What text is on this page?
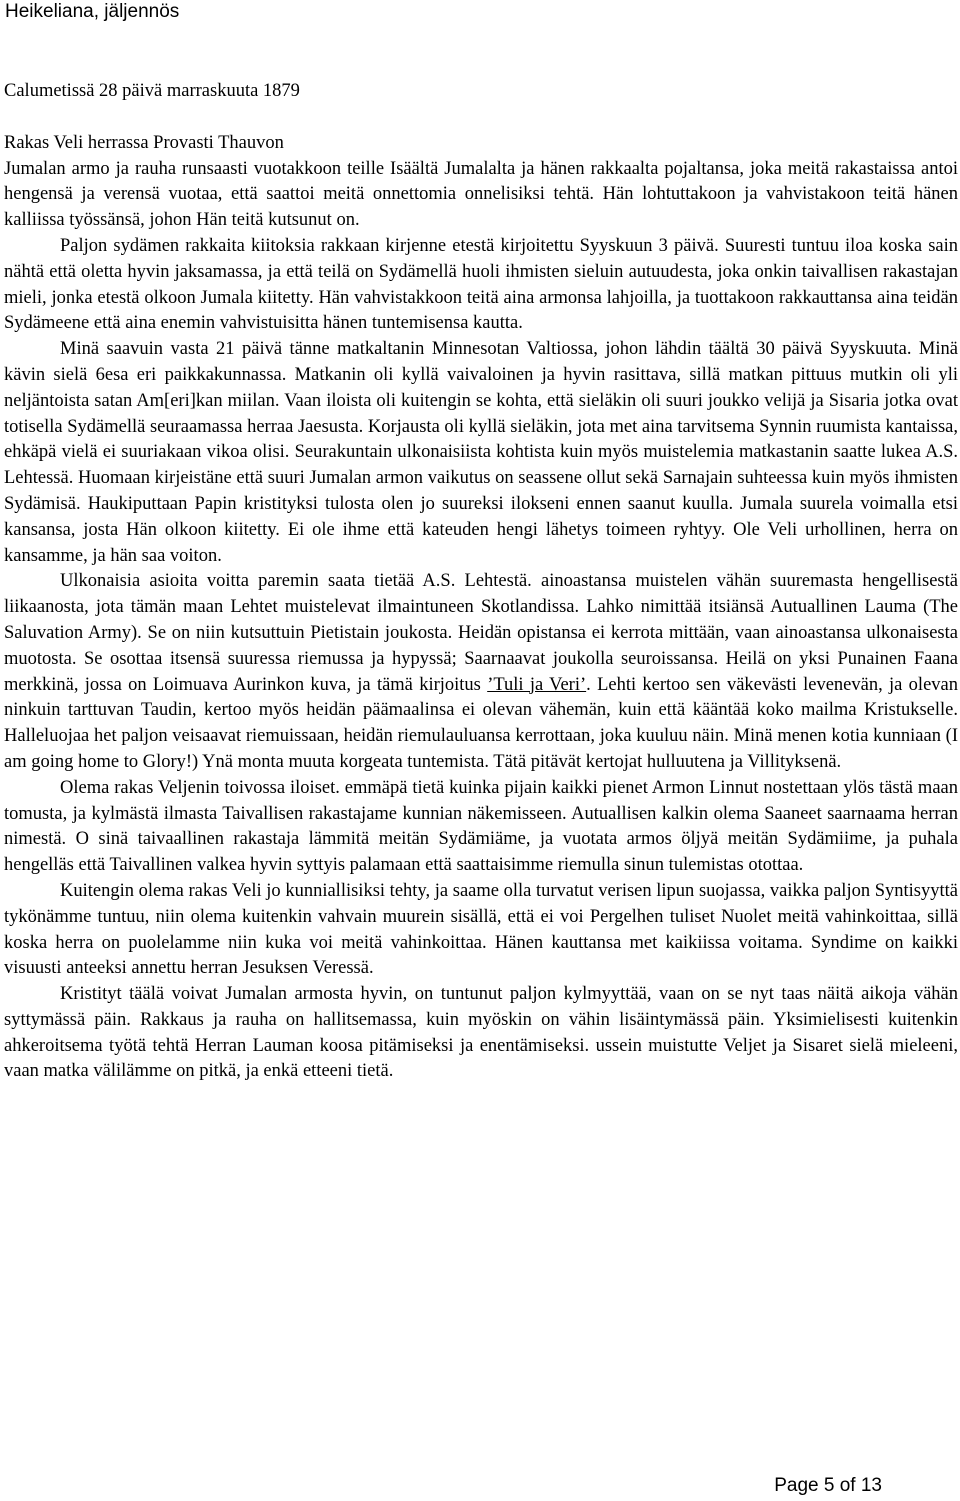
Heikeliana, jäljennös

Calumetissä 28 päivä marraskuuta 1879

Rakas Veli herrassa Provasti Thauvon

Jumalan armo ja rauha runsaasti vuotakkoon teille Isäältä Jumalalta ja hänen rakkaalta pojaltansa, joka meitä rakastaissa antoi hengensä ja verensä vuotaa, että saattoi meitä onnettomia onnelisiksi tehtä. Hän lohtuttakoon ja vahvistakoon teitä hänen kalliissa työssänsä, johon Hän teitä kutsunut on.

Paljon sydämen rakkaita kiitoksia rakkaan kirjenne etestä kirjoitettu Syyskuun 3 päivä. Suuresti tuntuu iloa koska sain nähtä että oletta hyvin jaksamassa, ja että teilä on Sydämellä huoli ihmisten sieluin autuudesta, joka onkin taivallisen rakastajan mieli, jonka etestä olkoon Jumala kiitetty. Hän vahvistakkoon teitä aina armonsa lahjoilla, ja tuottakoon rakkauttansa aina teidän Sydämeene että aina enemin vahvistuisitta hänen tuntemisensa kautta.

Minä saavuin vasta 21 päivä tänne matkaltanin Minnesotan Valtiossa, johon lähdin täältä 30 päivä Syyskuuta. Minä kävin sielä 6esa eri paikkakunnassa. Matkanin oli kyllä vaivaloinen ja hyvin rasittava, sillä matkan pittuus mutkin oli yli neljäntoista satan Am[eri]kan miilan. Vaan iloista oli kuitengin se kohta, että sieläkin oli suuri joukko velijä ja Sisaria jotka ovat totisella Sydämellä seuraamassa herraa Jaesusta. Korjausta oli kyllä sieläkin, jota met aina tarvitsema Synnin ruumista kantaissa, ehkäpä vielä ei suuriakaan vikoa olisi. Seurakuntain ulkonaisiista kohtista kuin myös muistelemia matkastanin saatte lukea A.S. Lehtessä. Huomaan kirjeistäne että suuri Jumalan armon vaikutus on seassene ollut sekä Sarnajain suhteessa kuin myös ihmisten Sydämisä. Haukiputtaan Papin kristityksi tulosta olen jo suureksi ilokseni ennen saanut kuulla. Jumala suurela voimalla etsi kansansa, josta Hän olkoon kiitetty. Ei ole ihme että kateuden hengi lähetys toimeen ryhtyy. Ole Veli urhollinen, herra on kansamme, ja hän saa voiton.

Ulkonaisia asioita voitta paremin saata tietää A.S. Lehtestä. ainoastansa muistelen vähän suuremasta hengellisestä liikaanosta, jota tämän maan Lehtet muistelevat ilmaintuneen Skotlandissa. Lahko nimittää itsiänsä Autuallinen Lauma (The Saluvation Army). Se on niin kutsuttuin Pietistain joukosta. Heidän opistansa ei kerrota mittään, vaan ainoastansa ulkonaisesta muotosta. Se osottaa itsensä suuressa riemussa ja hypyssä; Saarnaavat joukolla seuroissansa. Heilä on yksi Punainen Faana merkkinä, jossa on Loimuava Aurinkon kuva, ja tämä kirjoitus ’Tuli ja Veri’. Lehti kertoo sen väkevästi levenevän, ja olevan ninkuin tarttuvan Taudin, kertoo myös heidän päämaalinsa ei olevan vähemän, kuin että kääntää koko mailma Kristukselle. Halleluojaa het paljon veisaavat riemuissaan, heidän riemulauluansa kerrottaan, joka kuuluu näin. Minä menen kotia kunniaan (I am going home to Glory!) Ynä monta muuta korgeata tuntemista. Tätä pitävät kertojat hulluutena ja Villityksenä.

Olema rakas Veljenin toivossa iloiset. emmäpä tietä kuinka pijain kaikki pienet Armon Linnut nostettaan ylös tästä maan tomusta, ja kylmästä ilmasta Taivallisen rakastajame kunnian näkemisseen. Autuallisen kalkin olema Saaneet saarnaama herran nimestä. O sinä taivaallinen rakastaja lämmitä meitän Sydämiäme, ja vuotata armos öljyä meitän Sydämiime, ja puhala hengelläs että Taivallinen valkea hyvin syttyis palamaan että saattaisimme riemulla sinun tulemistas otottaa.

Kuitengin olema rakas Veli jo kunniallisiksi tehty, ja saame olla turvatut verisen lipun suojassa, vaikka paljon Syntisyyttä tykönämme tuntuu, niin olema kuitenkin vahvain muurein sisällä, että ei voi Pergelhen tuliset Nuolet meitä vahinkoittaa, sillä koska herra on puolelamme niin kuka voi meitä vahinkoittaa. Hänen kauttansa met kaikiissa voitama. Syndime on kaikki visuusti anteeksi annettu herran Jesuksen Veressä.

Kristityt täälä voivat Jumalan armosta hyvin, on tuntunut paljon kylmyyttää, vaan on se nyt taas näitä aikoja vähän syttymässä päin. Rakkaus ja rauha on hallitsemassa, kuin myöskin on vähin lisäintymässä päin. Yksimielisesti kuitenkin ahkeroitsema työtä tehtä Herran Lauman koosa pitämiseksi ja enentämiseksi. ussein muistutte Veljet ja Sisaret sielä mieleeni, vaan matka välilämme on pitkä, ja enkä etteeni tietä.

Page 5 of 13
